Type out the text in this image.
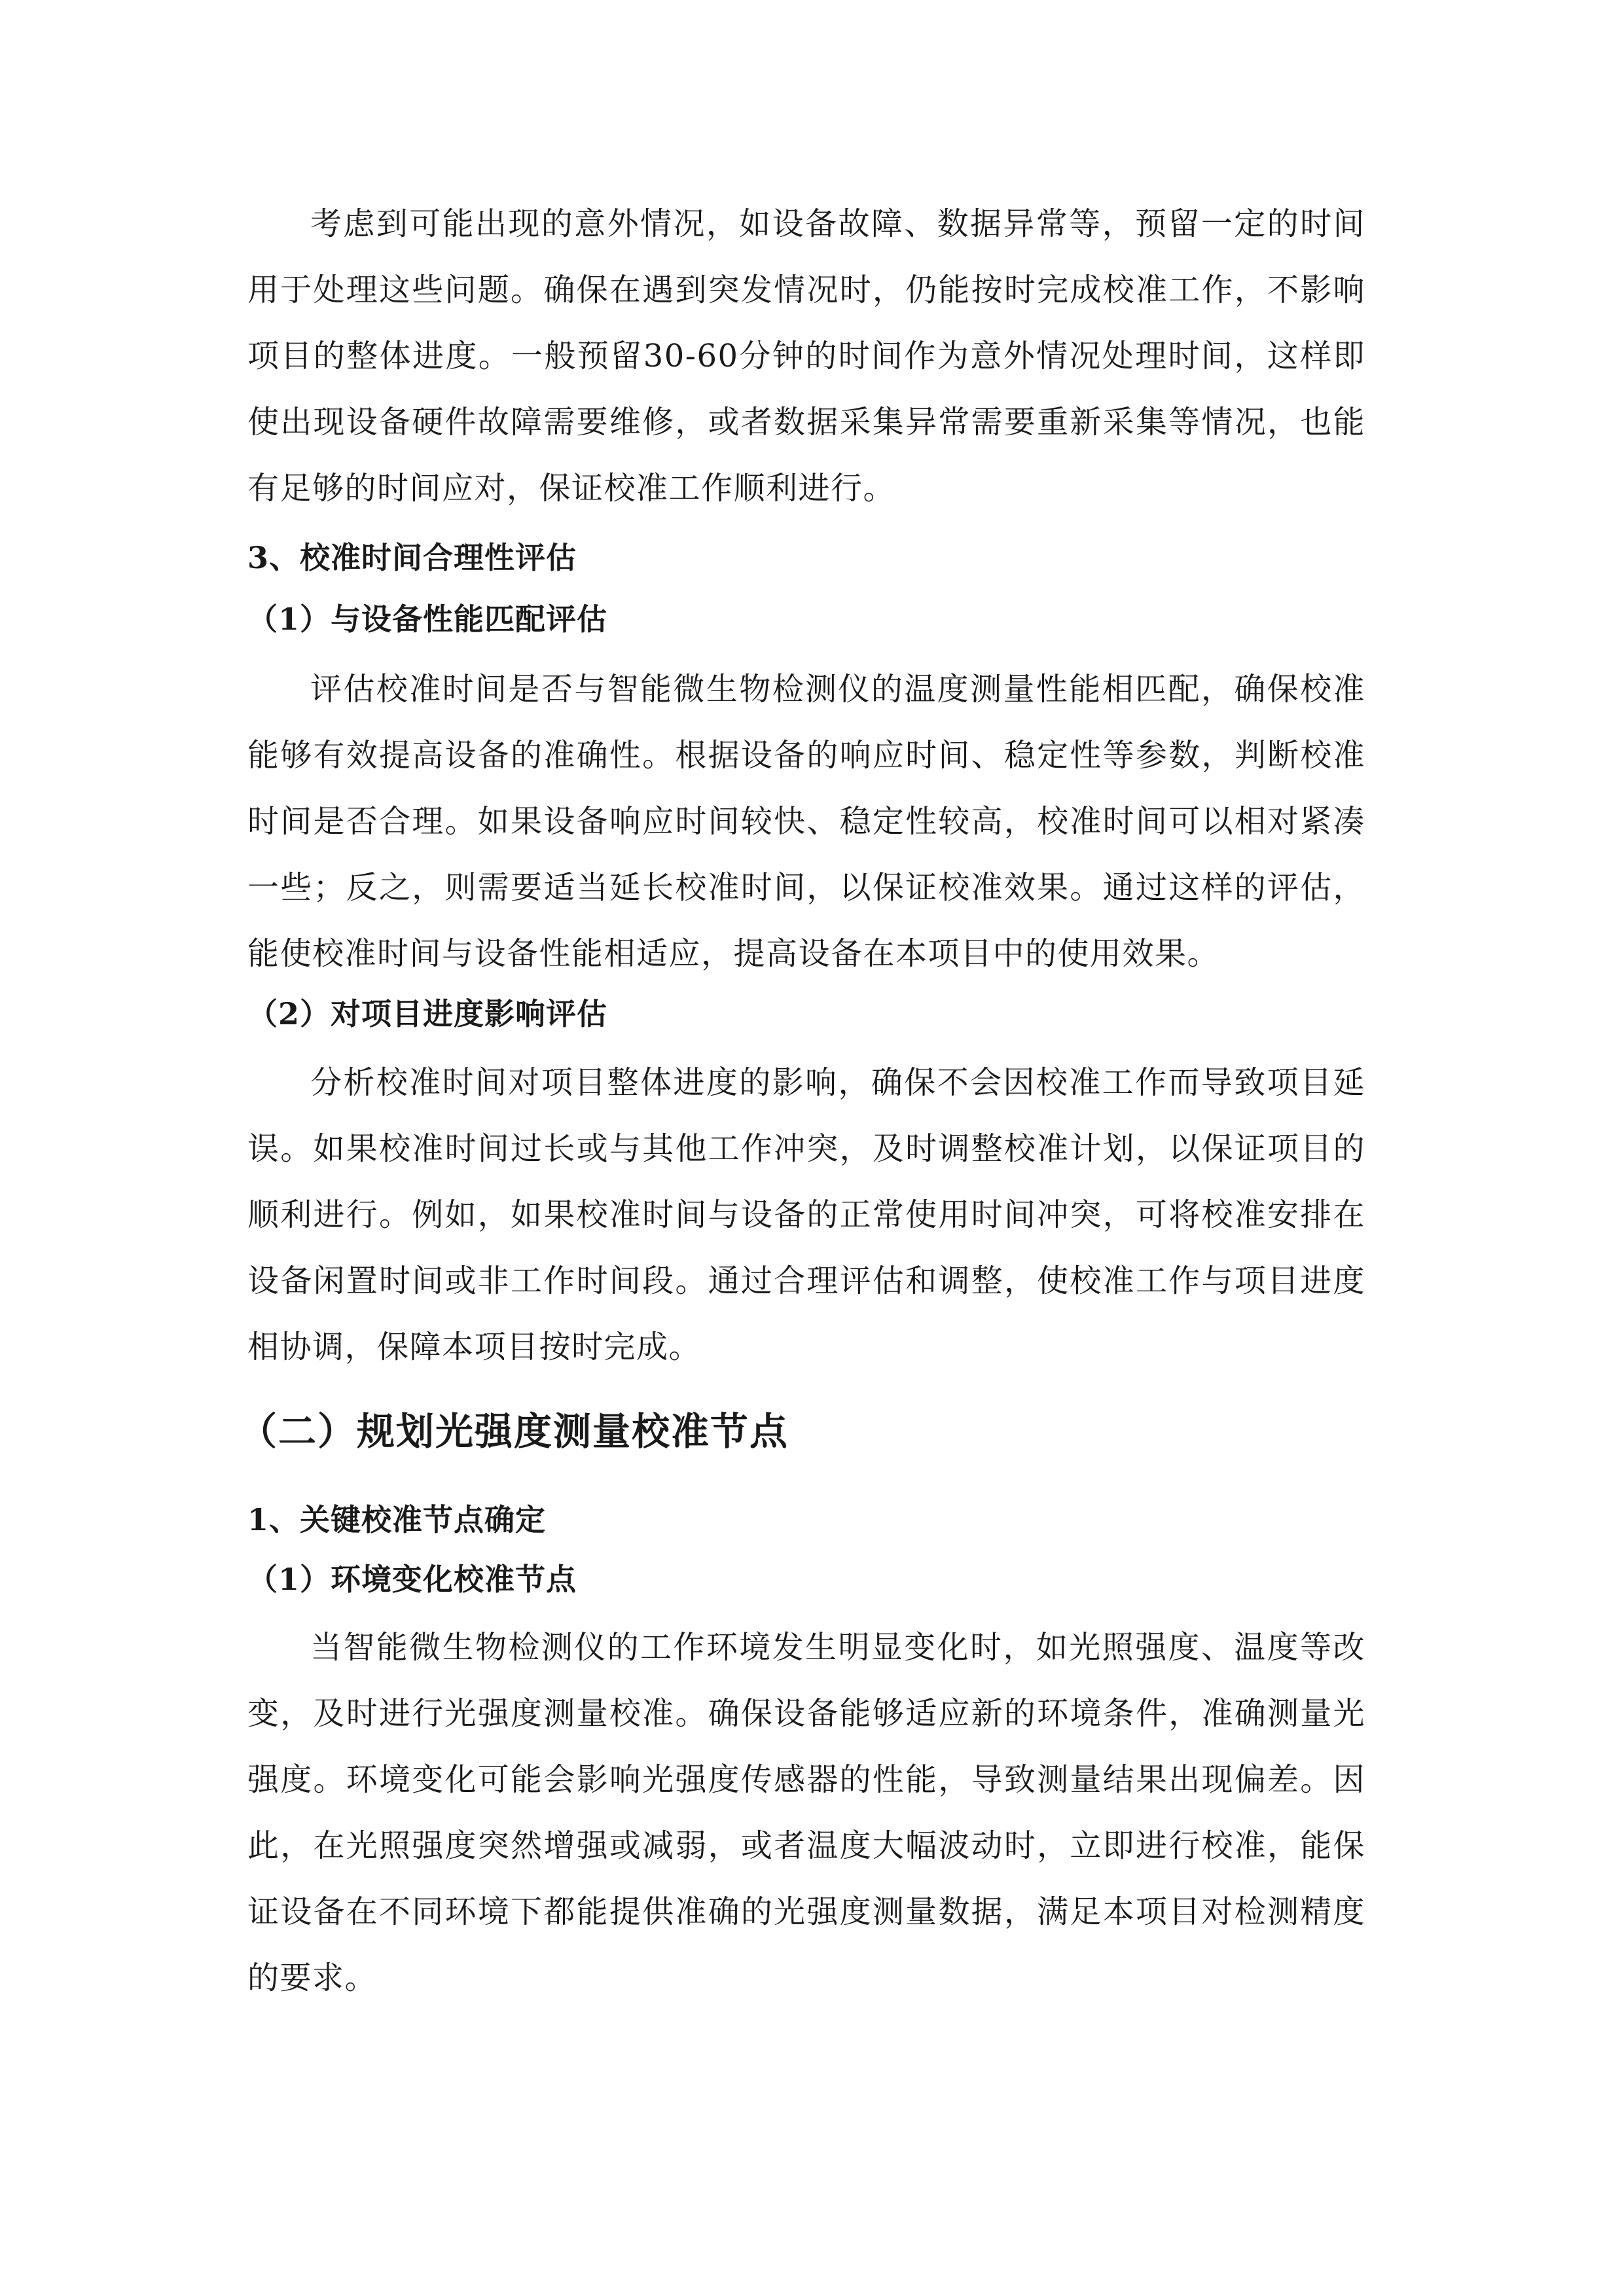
考虑到可能出现的意外情况，如设备故障、数据异常等，预留一定的时间用于处理这些问题。确保在遇到突发情况时，仍能按时完成校准工作，不影响项目的整体进度。一般预留30-60分钟的时间作为意外情况处理时间，这样即使出现设备硬件故障需要维修，或者数据采集异常需要重新采集等情况，也能有足够的时间应对，保证校准工作顺利进行。

3、校准时间合理性评估
（1）与设备性能匹配评估

评估校准时间是否与智能微生物检测仪的温度测量性能相匹配，确保校准能够有效提高设备的准确性。根据设备的响应时间、稳定性等参数，判断校准时间是否合理。如果设备响应时间较快、稳定性较高，校准时间可以相对紧凑一些；反之，则需要适当延长校准时间，以保证校准效果。通过这样的评估，能使校准时间与设备性能相适应，提高设备在本项目中的使用效果。

（2）对项目进度影响评估

分析校准时间对项目整体进度的影响，确保不会因校准工作而导致项目延误。如果校准时间过长或与其他工作冲突，及时调整校准计划，以保证项目的顺利进行。例如，如果校准时间与设备的正常使用时间冲突，可将校准安排在设备闲置时间或非工作时间段。通过合理评估和调整，使校准工作与项目进度相协调，保障本项目按时完成。

（二）规划光强度测量校准节点
1、关键校准节点确定
（1）环境变化校准节点

当智能微生物检测仪的工作环境发生明显变化时，如光照强度、温度等改变，及时进行光强度测量校准。确保设备能够适应新的环境条件，准确测量光强度。环境变化可能会影响光强度传感器的性能，导致测量结果出现偏差。因此，在光照强度突然增强或减弱，或者温度大幅波动时，立即进行校准，能保证设备在不同环境下都能提供准确的光强度测量数据，满足本项目对检测精度的要求。
